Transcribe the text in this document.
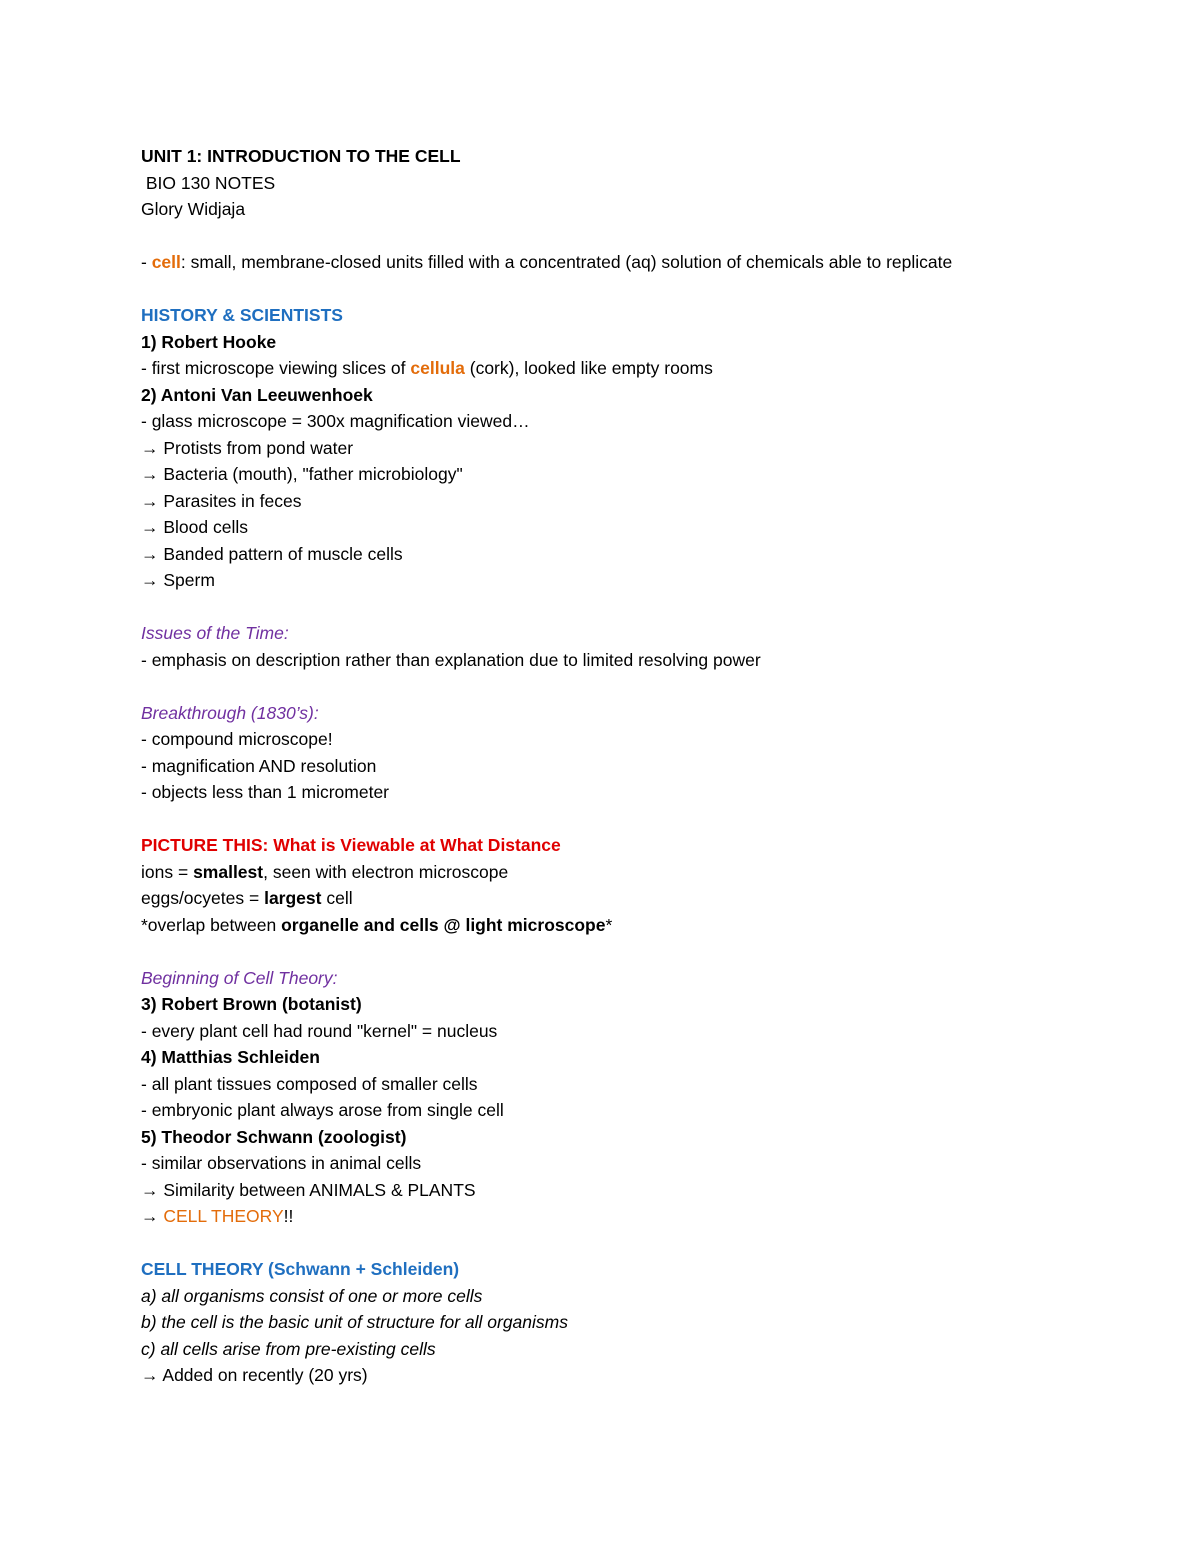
UNIT 1: INTRODUCTION TO THE CELL
BIO 130 NOTES
Glory Widjaja
- cell: small, membrane-closed units filled with a concentrated (aq) solution of chemicals able to replicate
HISTORY & SCIENTISTS
1) Robert Hooke
- first microscope viewing slices of cellula (cork), looked like empty rooms
2) Antoni Van Leeuwenhoek
- glass microscope = 300x magnification viewed…
→ Protists from pond water
→ Bacteria (mouth), "father microbiology"
→ Parasites in feces
→ Blood cells
→ Banded pattern of muscle cells
→ Sperm
Issues of the Time:
- emphasis on description rather than explanation due to limited resolving power
Breakthrough (1830’s):
- compound microscope!
- magnification AND resolution
- objects less than 1 micrometer
PICTURE THIS: What is Viewable at What Distance
ions = smallest, seen with electron microscope
eggs/ocyetes = largest cell
*overlap between organelle and cells @ light microscope*
Beginning of Cell Theory:
3) Robert Brown (botanist)
- every plant cell had round "kernel" = nucleus
4) Matthias Schleiden
- all plant tissues composed of smaller cells
- embryonic plant always arose from single cell
5) Theodor Schwann (zoologist)
- similar observations in animal cells
→ Similarity between ANIMALS & PLANTS
→ CELL THEORY!!
CELL THEORY (Schwann + Schleiden)
a) all organisms consist of one or more cells
b) the cell is the basic unit of structure for all organisms
c) all cells arise from pre-existing cells
→ Added on recently (20 yrs)
